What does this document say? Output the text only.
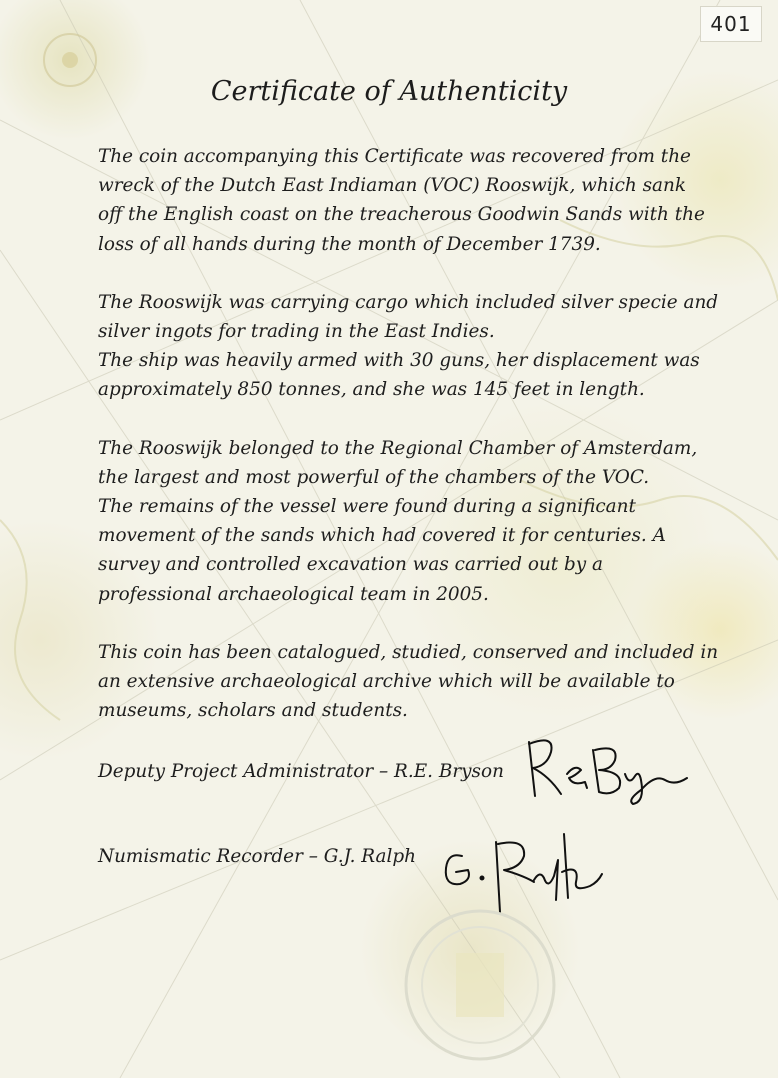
401
Certificate of Authenticity
The coin accompanying this Certificate was recovered from the
wreck of the Dutch East Indiaman (VOC) Rooswijk, which sank
off the English coast on the treacherous Goodwin Sands with the
loss of all hands during the month of December 1739.
The Rooswijk was carrying cargo which included silver specie and
silver ingots for trading in the East Indies.
The ship was heavily armed with 30 guns, her displacement was
approximately 850 tonnes, and she was 145 feet in length.
The Rooswijk belonged to the Regional Chamber of Amsterdam,
the largest and most powerful of the chambers of the VOC.
The remains of the vessel were found during a significant
movement of the sands which had covered it for centuries. A
survey and controlled excavation was carried out by a
professional archaeological team in 2005.
This coin has been catalogued, studied, conserved and included in
an extensive archaeological archive which will be available to
museums, scholars and students.
Deputy Project Administrator – R.E. Bryson
Numismatic Recorder – G.J. Ralph
